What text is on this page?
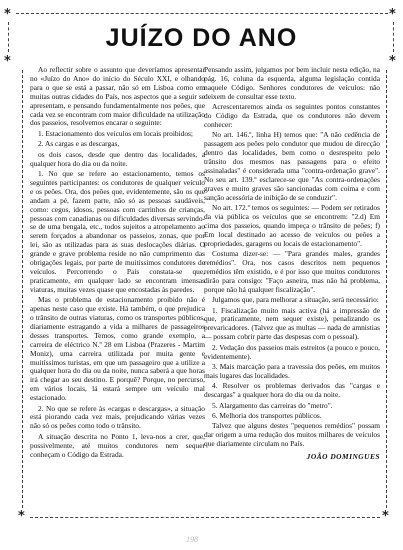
*	*
*	*
*	*
JUÍZO DO ANO

Ao reflectir sobre o assunto que deveríamos apresentar no «Juízo do Ano» do início do Século XXI, e olhando para o que se está a passar, não só em Lisboa como em muitas outras cidades do País, nos aspectos que a seguir se apresentam, e pensando fundamentalmente nos peões, que cada vez se encontram com maior dificuldade na utilização dos passeios, resolvemos encarar o seguinte:

1. Estacionamento dos veículos em locais proibidos;

2. As cargas e as descargas,

os dois casos, desde que dentro das localidades, a qualquer hora do dia ou da noite.

1. No que se refere ao estacionamento, temos os seguintes participantes: os condutores de qualquer veículo e os peões. Ora, dos peões que, evidentemente, são os que andam a pé, fazem parte, não só as pessoas saudáveis, como: cegos, idosos, pessoas com carrinhos de crianças, pessoas com canadianas ou dificuldades diversas servindo-se de uma bengala, etc., todos sujeitos a atropelamento ao serem forçados a abandonar os passeios, zonas, que por lei, são as utilizadas para as suas deslocações diárias. O grande e grave problema reside no não cumprimento das obrigações legais, por parte de muitíssimos condutores de veículos. Percorrendo o País constata-se que, praticamente, em qualquer lado se encontram imensas viaturas, muitas vezes quase que encostadas às paredes.

Mas o problema de estacionamento proibido não é apenas neste caso que existe. Há também, o que prejudica o trânsito de outras viaturas, como os transportes públicos, diariamente estragando a vida a milhares de passageiros desses transportes. Temos, como grande exemplo, a carreira de eléctrico N.º 28 em Lisboa (Prazeres - Martim Moniz), uma carreira utilizada por muita gente e muitíssimos turistas, em que um passageiro que a utilize a qualquer hora do dia ou da noite, nunca saberá a que horas irá chegar ao seu destino. E porquê? Porque, no percurso, em vários locais, lá estará sempre um veículo mal estacionado.

2. No que se refere às «cargas e descargas», a situação está piorando cada vez mais, prejudicando várias vezes não só os peões como todo o trânsito.

A situação descrita no Ponto 1, leva-nos a crer, que, possivelmente, até muitos condutores nem sequer conheçam o Código da Estrada.

Pensando assim, julgamos por bem incluir nesta edição, na pág. 16, coluna da esquerda, alguma legislação contida naquele Código. Senhores condutores de veículos: não deixem de consultar esse texto.

Acrescentaremos ainda os seguintes pontos constantes do Código da Estrada, que os condutores não devem conhecer:

No art. 146.º, linha H) temos que: "A não cedência de passagem aos peões pelo condutor que mudou de direcção dentro das localidades, bem como o desrespeito pelo trânsito dos mesmos nas passagens para o efeito assinaladas" é considerada uma "contra-ordenação grave". No seu art. 139.º esclarece-se que "As contra-ordenações graves e muito graves são sancionadas com coima e com sanção acessória de inibição de se conduzir".

No art. 172.º temos os seguintes: — Podem ser retirados da via pública os veículos que se encontrem: "2.d) Em cima dos passeios, quando impeça o trânsito de peões; f) Em local destinado ao acesso de veículos ou peões a propriedades, garagens ou locais de estacionamento".

Costuma dizer-se: — "Para grandes males, grandes remédios". Ora, nos casos descritos nem pequenos remédios têm existido, e é por isso que muitos condutores dirão para consigo: "Faço asneira, mas não há problema, porque não há qualquer fiscalização".

Julgamos que, para melhorar a situação, será necessário:

1. Fiscalização muito mais activa (há a impressão de que, praticamente, nem sequer existe), penalizando os prevaricadores. (Talvez que as multas — nada de amnistias — possam cobrir parte das despesas com o pessoal).

2. Vedação dos passeios mais estreitos (a pouco e pouco, evidentemente).

3. Mais marcação para a travessia dos peões, em muitos mais lugares das localidades.

4. Resolver os problemas derivados das "cargas e descargas" a qualquer hora do dia ou da noite.

5. Alargamento das carreiras do "metro".

6. Melhoria dos transportes públicos.

Talvez que alguns destes "pequenos remédios" possam dar origem a uma redução dos muitos milhares de veículos que diariamente circulam no País.

JOÃO DOMINGUES
198
